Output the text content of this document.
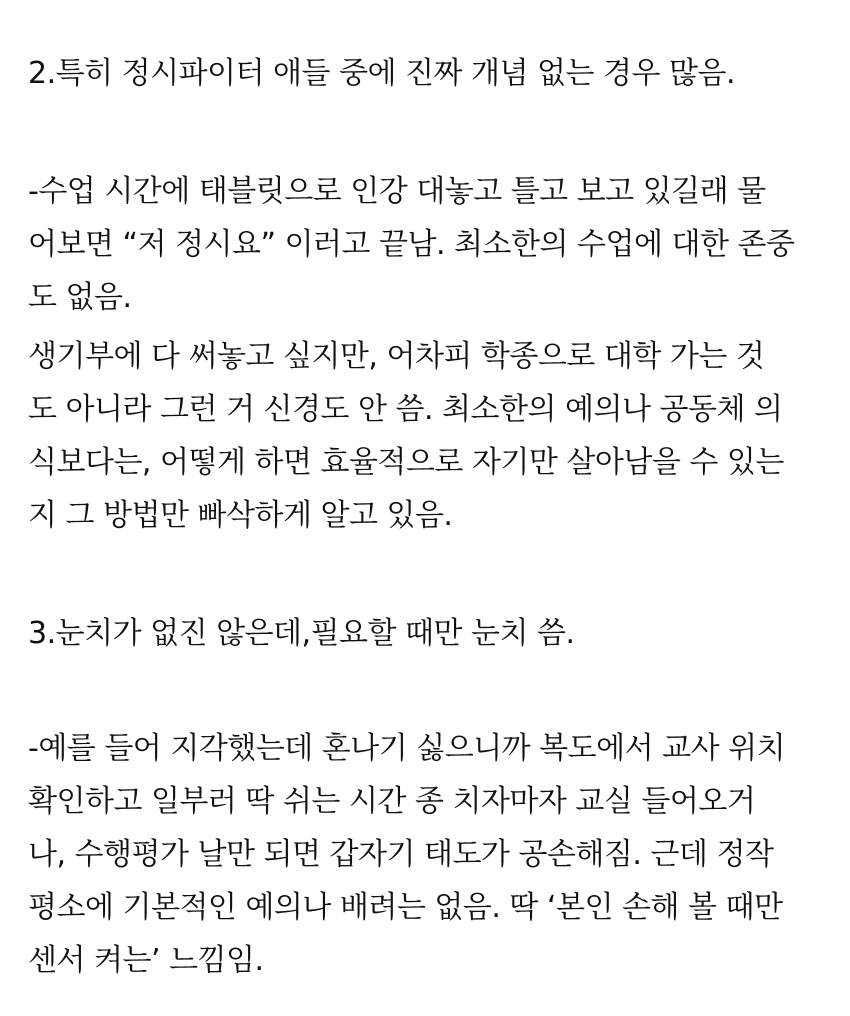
2.특히 정시파이터 애들 중에 진짜 개념 없는 경우 많음.

-수업 시간에 태블릿으로 인강 대놓고 틀고 보고 있길래 물

어보면 “저 정시요” 이러고 끝남. 최소한의 수업에 대한 존중

도 없음.

생기부에 다 써놓고 싶지만, 어차피 학종으로 대학 가는 것

도 아니라 그런 거 신경도 안 씀. 최소한의 예의나 공동체 의

식보다는, 어떻게 하면 효율적으로 자기만 살아남을 수 있는

지 그 방법만 빠삭하게 알고 있음.

3.눈치가 없진 않은데,필요할 때만 눈치 씀.

-예를 들어 지각했는데 혼나기 싫으니까 복도에서 교사 위치

확인하고 일부러 딱 쉬는 시간 종 치자마자 교실 들어오거

나, 수행평가 날만 되면 갑자기 태도가 공손해짐. 근데 정작

평소에 기본적인 예의나 배려는 없음. 딱 ‘본인 손해 볼 때만

센서 켜는’ 느낌임.
